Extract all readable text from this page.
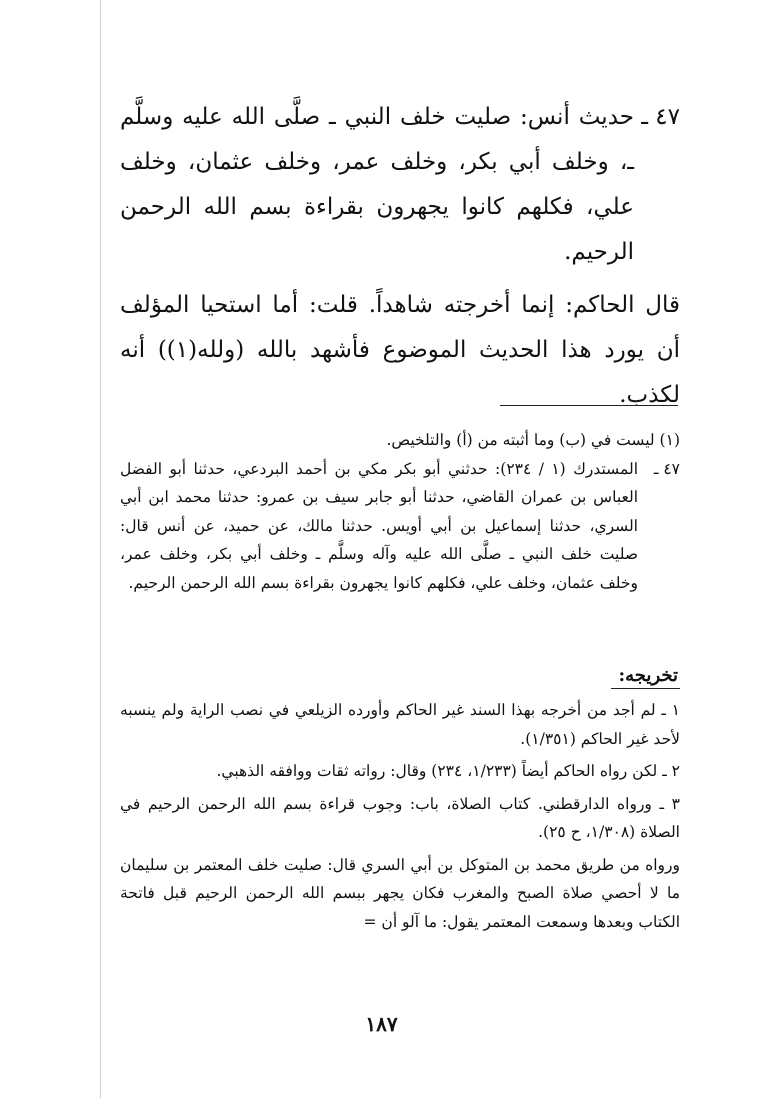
٤٧ ـ
حديث أنس: صليت خلف النبي ـ صلَّى الله عليه وسلَّم ـ، وخلف أبي بكر، وخلف عمر، وخلف عثمان، وخلف علي، فكلهم كانوا يجهرون بقراءة بسم الله الرحمن الرحيم.

قال الحاكم: إنما أخرجته شاهداً. قلت: أما استحيا المؤلف أن يورد هذا الحديث الموضوع فأشهد بالله (ولله(١)) أنه لكذب.

(١) ليست في (ب) وما أثبته من (أ) والتلخيص.

٤٧ ـ
المستدرك (١ / ٢٣٤): حدثني أبو بكر مكي بن أحمد البردعي، حدثنا أبو الفضل العباس بن عمران القاضي، حدثنا أبو جابر سيف بن عمرو: حدثنا محمد ابن أبي السري، حدثنا إسماعيل بن أبي أويس. حدثنا مالك، عن حميد، عن أنس قال: صليت خلف النبي ـ صلَّى الله عليه وآله وسلَّم ـ وخلف أبي بكر، وخلف عمر، وخلف عثمان، وخلف علي، فكلهم كانوا يجهرون بقراءة بسم الله الرحمن الرحيم.

تخريجه:

١ ـ لم أجد من أخرجه بهذا السند غير الحاكم وأورده الزيلعي في نصب الراية ولم ينسبه لأحد غير الحاكم (١/٣٥١).

٢ ـ لكن رواه الحاكم أيضاً (١/٢٣٣، ٢٣٤) وقال: رواته ثقات ووافقه الذهبي.

٣ ـ ورواه الدارقطني. كتاب الصلاة، باب: وجوب قراءة بسم الله الرحمن الرحيم في الصلاة (١/٣٠٨، ح ٢٥).

ورواه من طريق محمد بن المتوكل بن أبي السري قال: صليت خلف المعتمر بن سليمان ما لا أحصي صلاة الصبح والمغرب فكان يجهر ببسم الله الرحمن الرحيم قبل فاتحة الكتاب وبعدها وسمعت المعتمر يقول: ما آلو أن =

١٨٧
